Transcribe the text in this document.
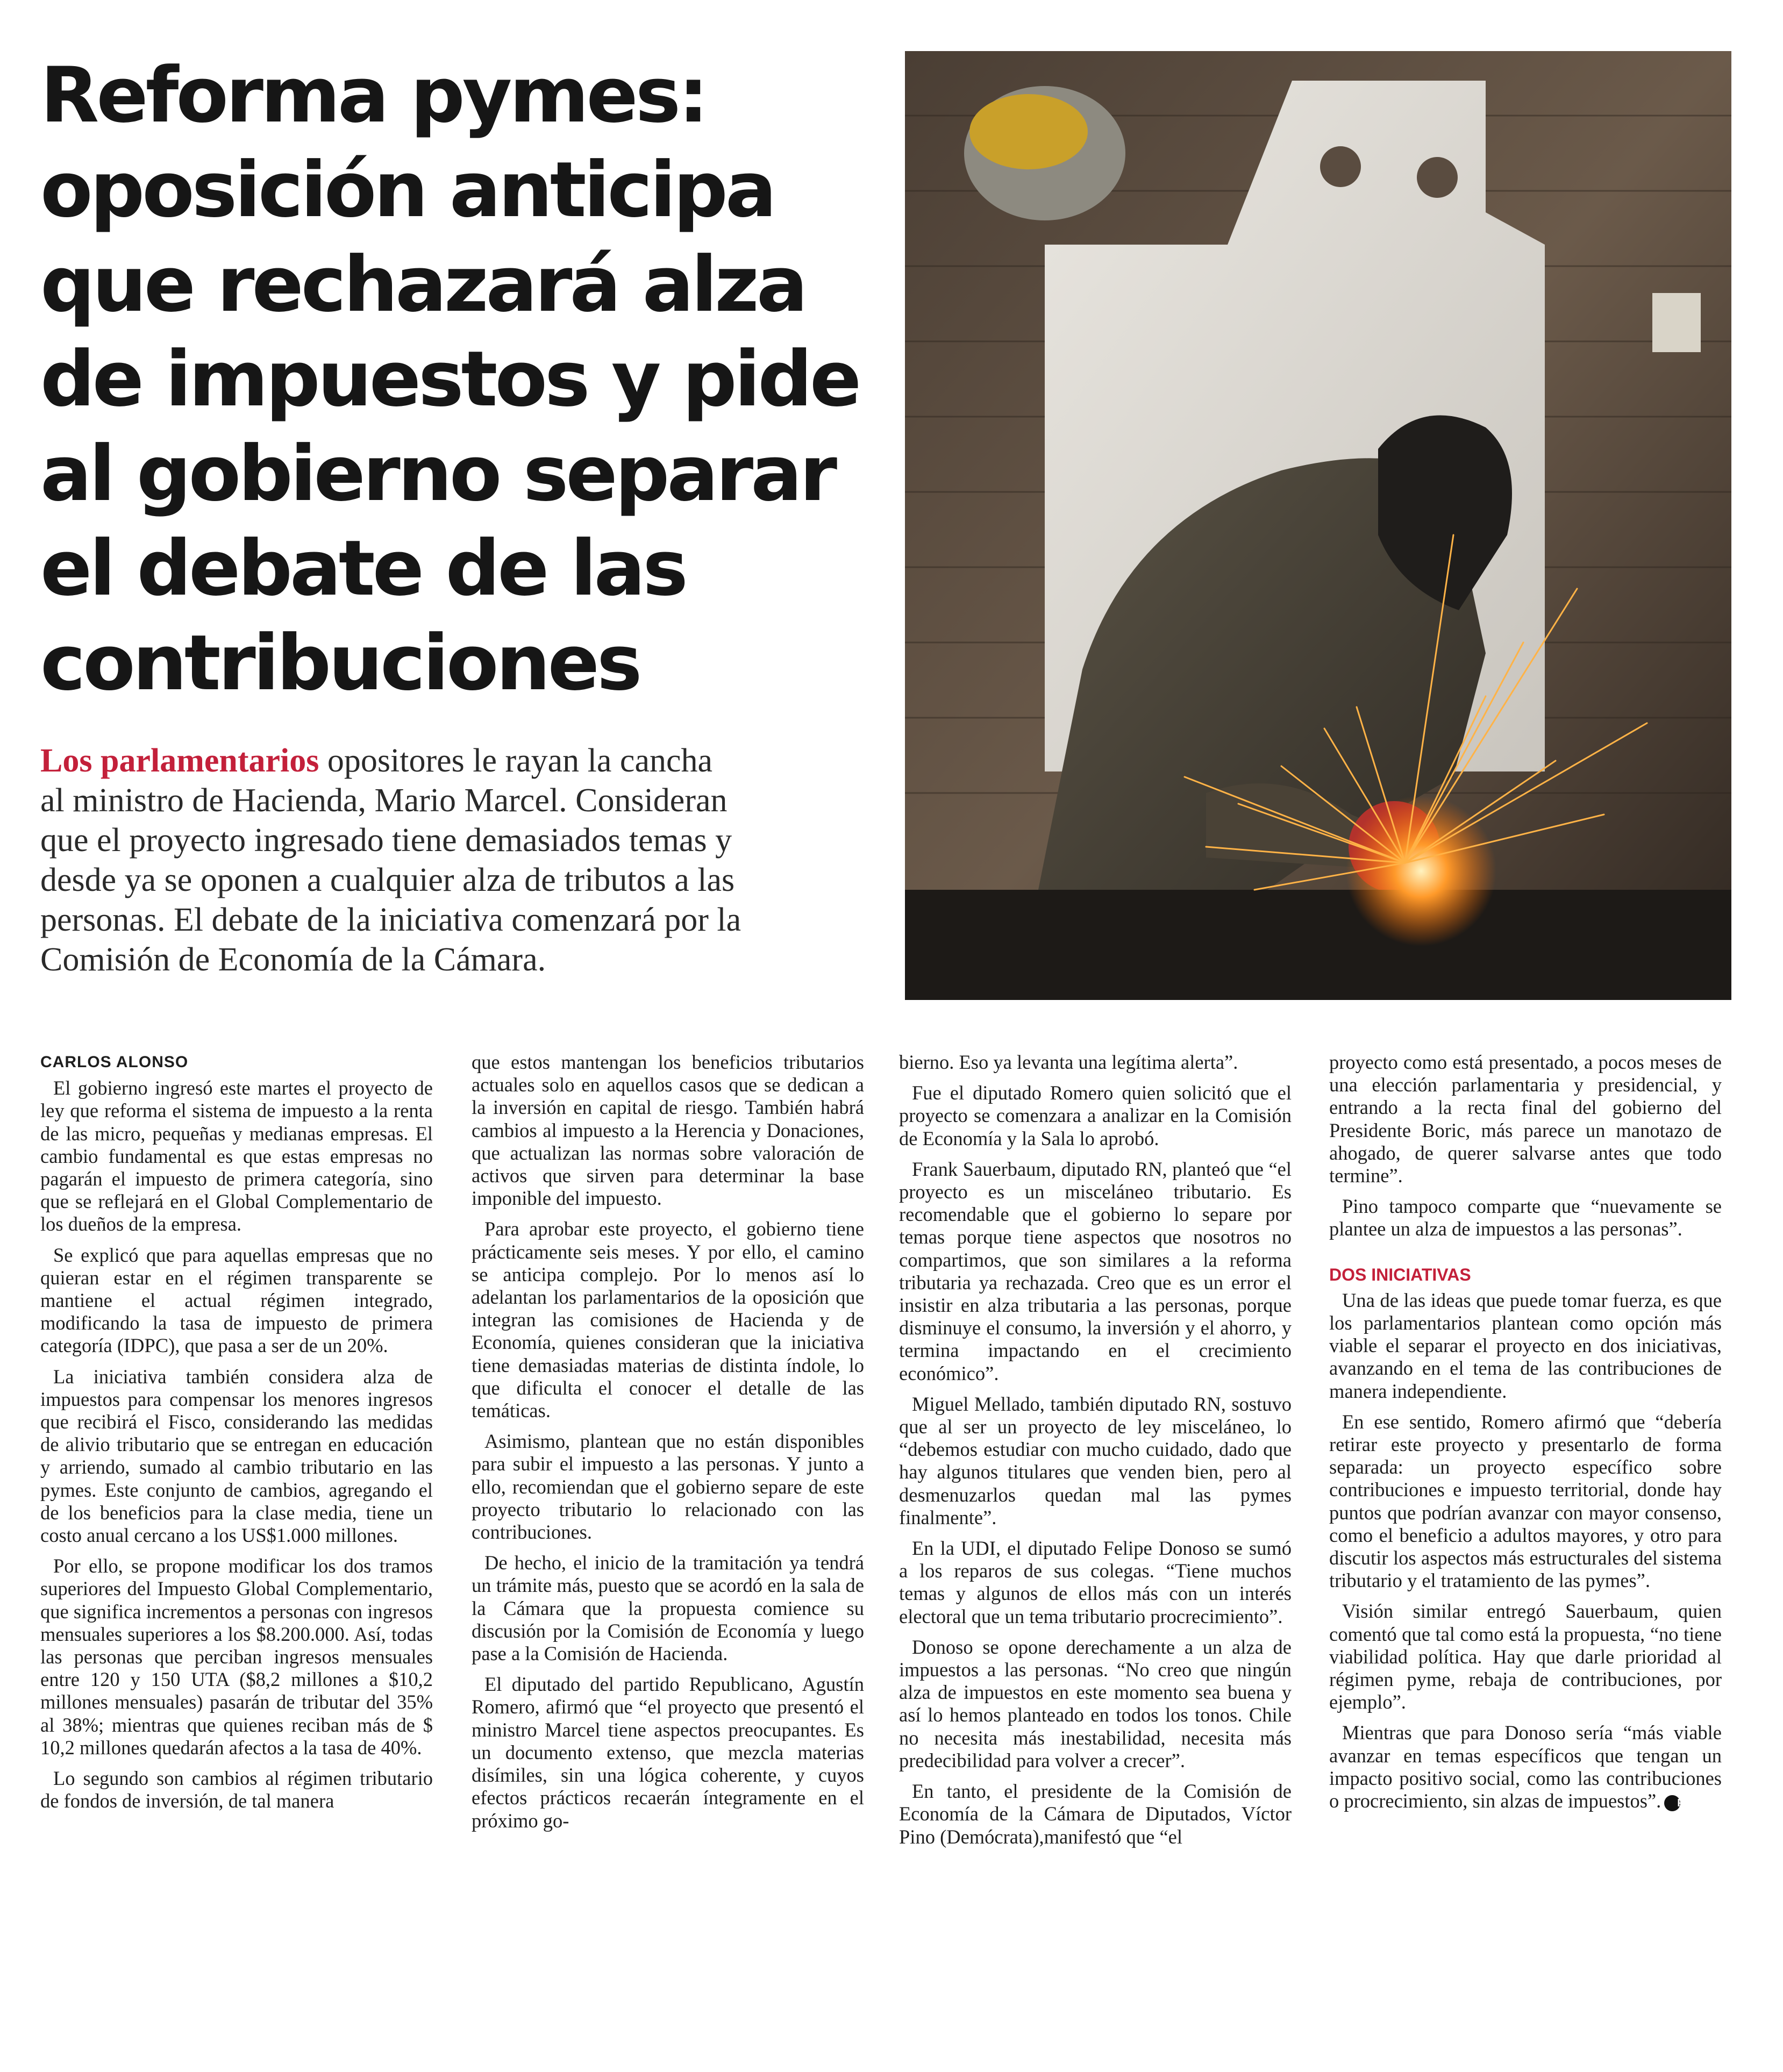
Reforma pymes:
oposición anticipa
que rechazará alza
de impuestos y pide
al gobierno separar
el debate de las
contribuciones
Los parlamentarios opositores le rayan la cancha
al ministro de Hacienda, Mario Marcel. Consideran
que el proyecto ingresado tiene demasiados temas y
desde ya se oponen a cualquier alza de tributos a las
personas. El debate de la iniciativa comenzará por la
Comisión de Economía de la Cámara.
CARLOS ALONSO

El gobierno ingresó este martes el proyecto de ley que reforma el sistema de impuesto a la renta de las micro, pequeñas y medianas empresas. El cambio fundamental es que estas empresas no pagarán el impuesto de primera categoría, sino que se reflejará en el Global Complementario de los dueños de la empresa.

Se explicó que para aquellas empresas que no quieran estar en el régimen transparente se mantiene el actual régimen integrado, modificando la tasa de impuesto de primera categoría (IDPC), que pasa a ser de un 20%.

La iniciativa también considera alza de impuestos para compensar los menores ingresos que recibirá el Fisco, considerando las medidas de alivio tributario que se entregan en educación y arriendo, sumado al cambio tributario en las pymes. Este conjunto de cambios, agregando el de los beneficios para la clase media, tiene un costo anual cercano a los US$1.000 millones.

Por ello, se propone modificar los dos tramos superiores del Impuesto Global Complementario, que significa incrementos a personas con ingresos mensuales superiores a los $8.200.000. Así, todas las personas que perciban ingresos mensuales entre 120 y 150 UTA ($8,2 millones a $10,2 millones mensuales) pasarán de tributar del 35% al 38%; mientras que quienes reciban más de $ 10,2 millones quedarán afectos a la tasa de 40%.

Lo segundo son cambios al régimen tributario de fondos de inversión, de tal manera

que estos mantengan los beneficios tributarios actuales solo en aquellos casos que se dedican a la inversión en capital de riesgo. También habrá cambios al impuesto a la Herencia y Donaciones, que actualizan las normas sobre valoración de activos que sirven para determinar la base imponible del impuesto.

Para aprobar este proyecto, el gobierno tiene prácticamente seis meses. Y por ello, el camino se anticipa complejo. Por lo menos así lo adelantan los parlamentarios de la oposición que integran las comisiones de Hacienda y de Economía, quienes consideran que la iniciativa tiene demasiadas materias de distinta índole, lo que dificulta el conocer el detalle de las temáticas.

Asimismo, plantean que no están disponibles para subir el impuesto a las personas. Y junto a ello, recomiendan que el gobierno separe de este proyecto tributario lo relacionado con las contribuciones.

De hecho, el inicio de la tramitación ya tendrá un trámite más, puesto que se acordó en la sala de la Cámara que la propuesta comience su discusión por la Comisión de Economía y luego pase a la Comisión de Hacienda.

El diputado del partido Republicano, Agustín Romero, afirmó que “el proyecto que presentó el ministro Marcel tiene aspectos preocupantes. Es un documento extenso, que mezcla materias disímiles, sin una lógica coherente, y cuyos efectos prácticos recaerán íntegramente en el próximo go-

bierno. Eso ya levanta una legítima alerta”.

Fue el diputado Romero quien solicitó que el proyecto se comenzara a analizar en la Comisión de Economía y la Sala lo aprobó.

Frank Sauerbaum, diputado RN, planteó que “el proyecto es un misceláneo tributario. Es recomendable que el gobierno lo separe por temas porque tiene aspectos que nosotros no compartimos, que son similares a la reforma tributaria ya rechazada. Creo que es un error el insistir en alza tributaria a las personas, porque disminuye el consumo, la inversión y el ahorro, y termina impactando en el crecimiento económico”.

Miguel Mellado, también diputado RN, sostuvo que al ser un proyecto de ley misceláneo, lo “debemos estudiar con mucho cuidado, dado que hay algunos titulares que venden bien, pero al desmenuzarlos quedan mal las pymes finalmente”.

En la UDI, el diputado Felipe Donoso se sumó a los reparos de sus colegas. “Tiene muchos temas y algunos de ellos más con un interés electoral que un tema tributario procrecimiento”.

Donoso se opone derechamente a un alza de impuestos a las personas. “No creo que ningún alza de impuestos en este momento sea buena y así lo hemos planteado en todos los tonos. Chile no necesita más inestabilidad, necesita más predecibilidad para volver a crecer”.

En tanto, el presidente de la Comisión de Economía de la Cámara de Diputados, Víctor Pino (Demócrata),manifestó que “el

proyecto como está presentado, a pocos meses de una elección parlamentaria y presidencial, y entrando a la recta final del gobierno del Presidente Boric, más parece un manotazo de ahogado, de querer salvarse antes que todo termine”.

Pino tampoco comparte que “nuevamente se plantee un alza de impuestos a las personas”.

DOS INICIATIVAS

Una de las ideas que puede tomar fuerza, es que los parlamentarios plantean como opción más viable el separar el proyecto en dos iniciativas, avanzando en el tema de las contribuciones de manera independiente.

En ese sentido, Romero afirmó que “debería retirar este proyecto y presentarlo de forma separada: un proyecto específico sobre contribuciones e impuesto territorial, donde hay puntos que podrían avanzar con mayor consenso, como el beneficio a adultos mayores, y otro para discutir los aspectos más estructurales del sistema tributario y el tratamiento de las pymes”.

Visión similar entregó Sauerbaum, quien comentó que tal como está la propuesta, “no tiene viabilidad política. Hay que darle prioridad al régimen pyme, rebaja de contribuciones, por ejemplo”.

Mientras que para Donoso sería “más viable avanzar en temas específicos que tengan un impacto positivo social, como las contribuciones o procrecimiento, sin alzas de impuestos”. P
